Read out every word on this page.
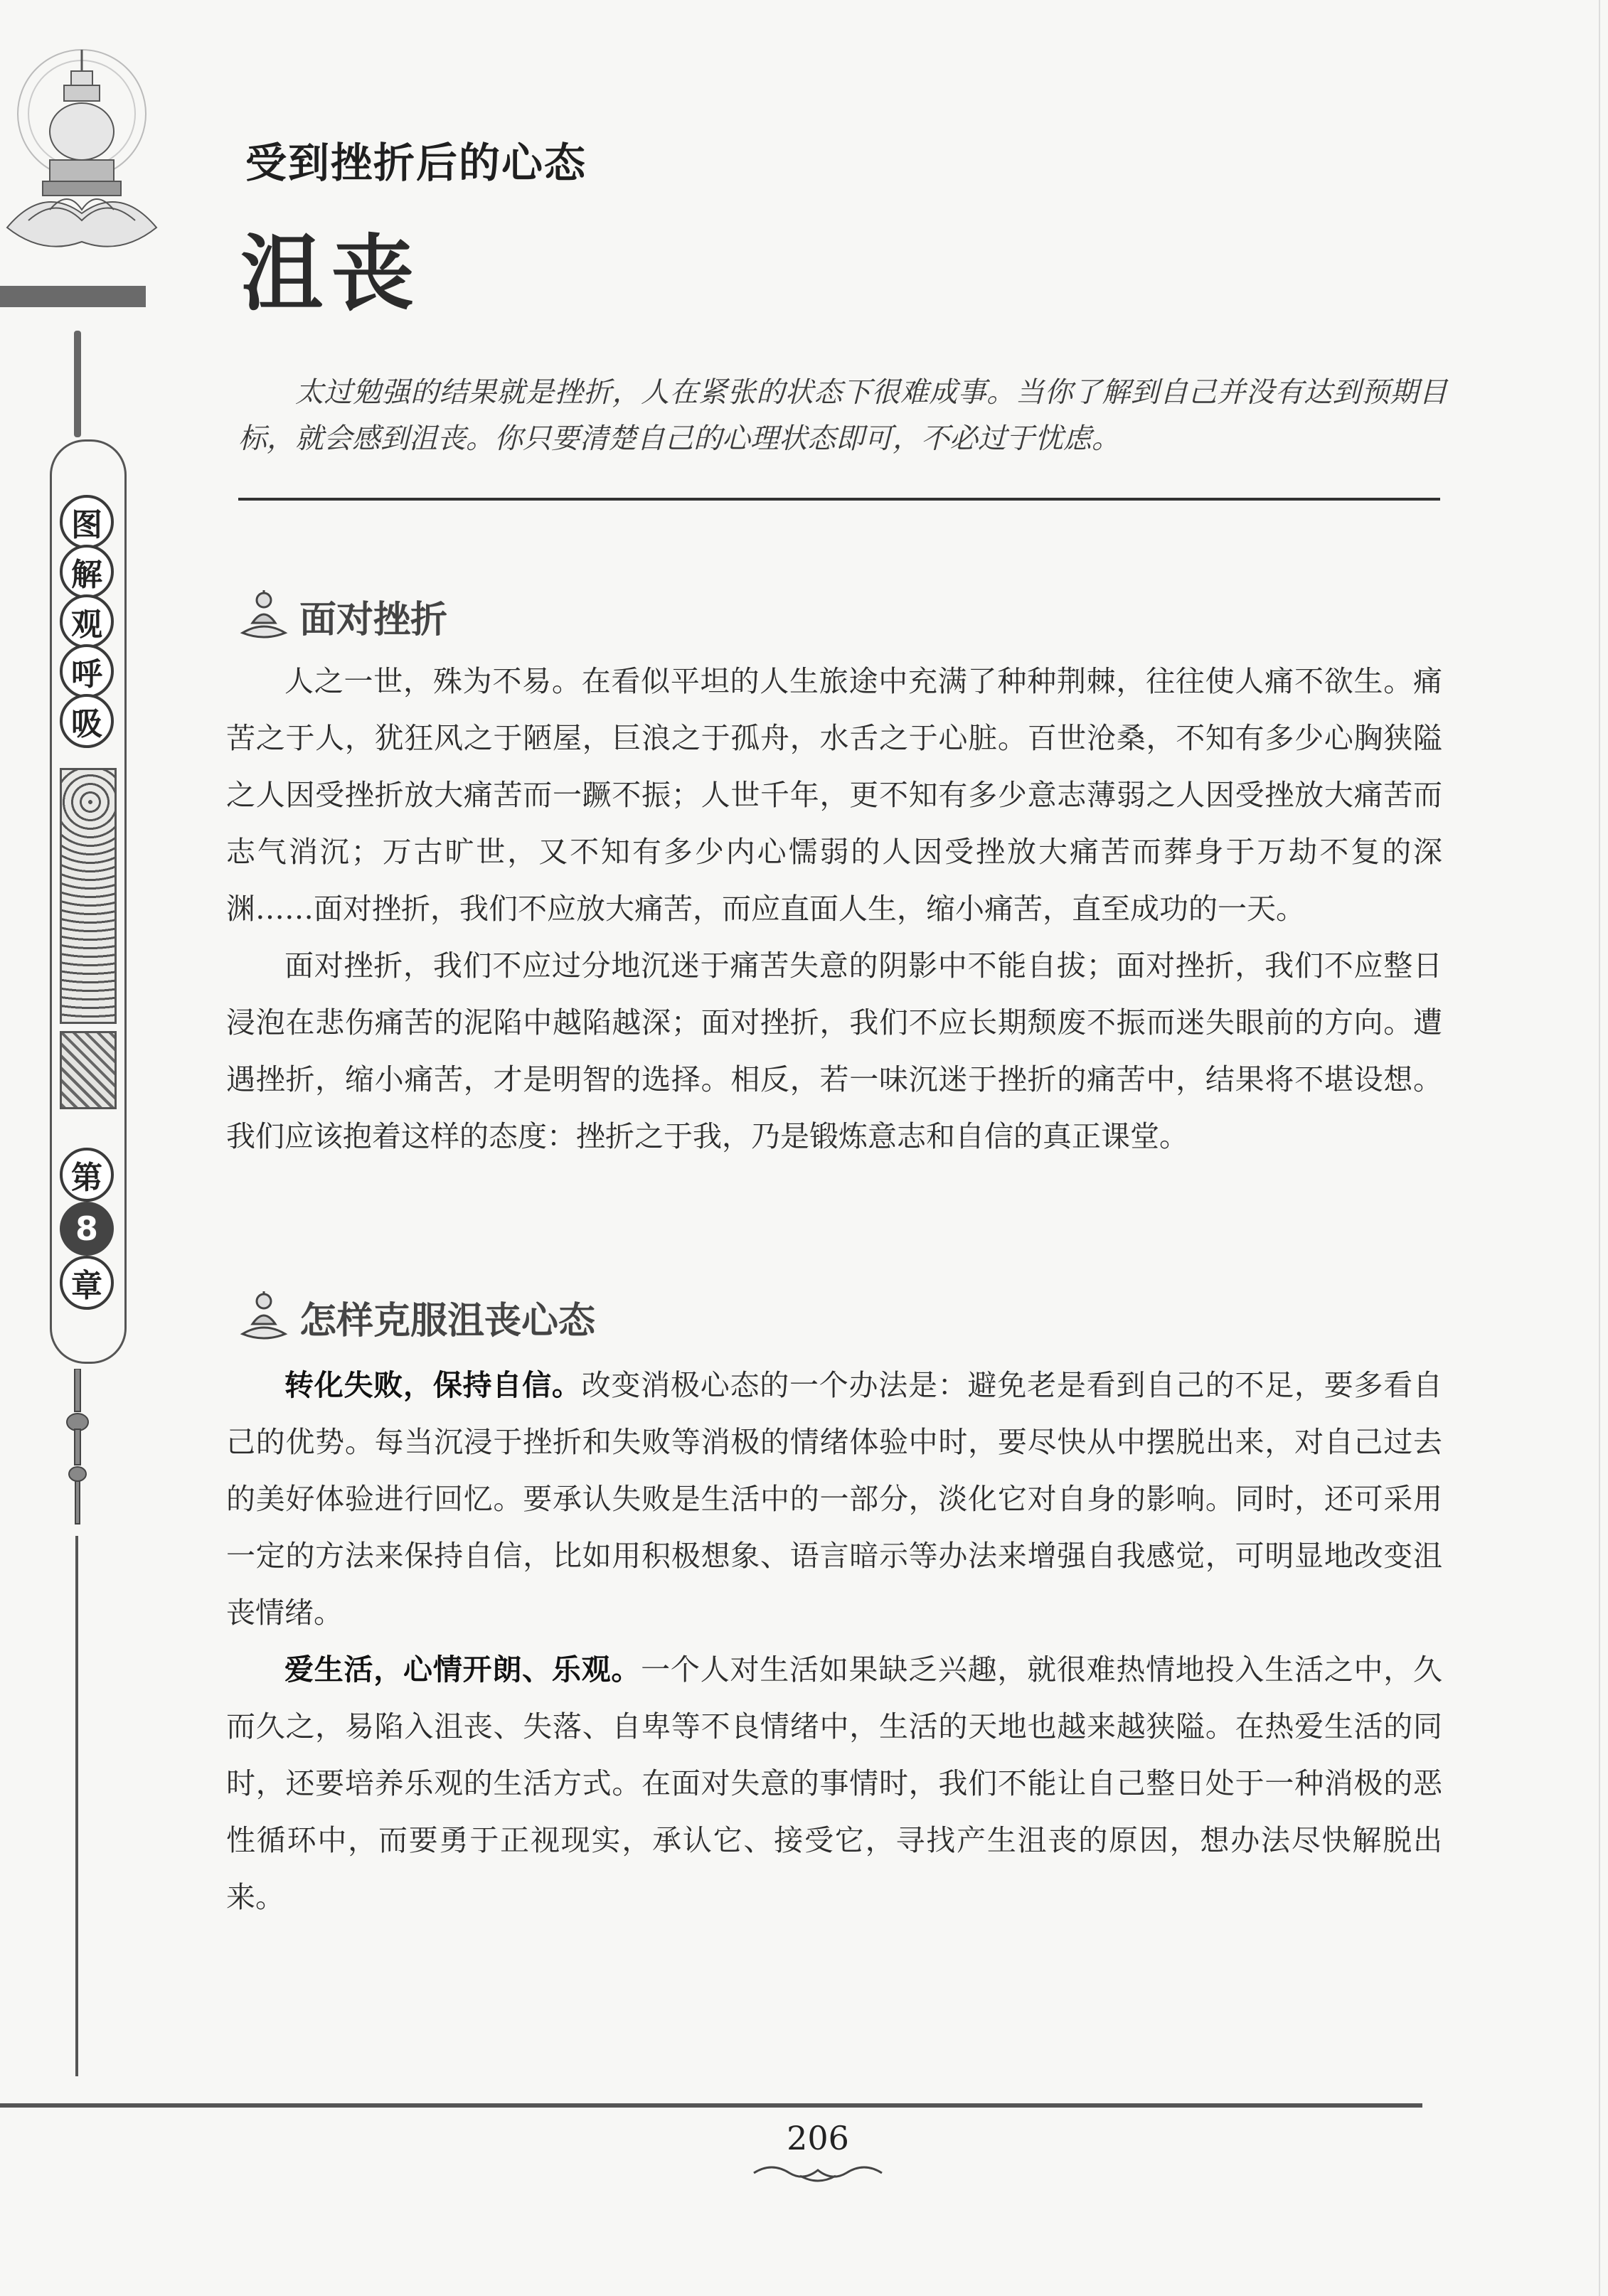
图
解
观
呼
吸
第
8
章
受到挫折后的心态
沮丧

太过勉强的结果就是挫折，人在紧张的状态下很难成事。当你了解到自己并没有达到预期目标，就会感到沮丧。你只要清楚自己的心理状态即可，不必过于忧虑。

面对挫折

人之一世，殊为不易。在看似平坦的人生旅途中充满了种种荆棘，往往使人痛不欲生。痛苦之于人，犹狂风之于陋屋，巨浪之于孤舟，水舌之于心脏。百世沧桑，不知有多少心胸狭隘之人因受挫折放大痛苦而一蹶不振；人世千年，更不知有多少意志薄弱之人因受挫放大痛苦而志气消沉；万古旷世，又不知有多少内心懦弱的人因受挫放大痛苦而葬身于万劫不复的深渊……面对挫折，我们不应放大痛苦，而应直面人生，缩小痛苦，直至成功的一天。

面对挫折，我们不应过分地沉迷于痛苦失意的阴影中不能自拔；面对挫折，我们不应整日浸泡在悲伤痛苦的泥陷中越陷越深；面对挫折，我们不应长期颓废不振而迷失眼前的方向。遭遇挫折，缩小痛苦，才是明智的选择。相反，若一味沉迷于挫折的痛苦中，结果将不堪设想。我们应该抱着这样的态度：挫折之于我，乃是锻炼意志和自信的真正课堂。

怎样克服沮丧心态

转化失败，保持自信。改变消极心态的一个办法是：避免老是看到自己的不足，要多看自己的优势。每当沉浸于挫折和失败等消极的情绪体验中时，要尽快从中摆脱出来，对自己过去的美好体验进行回忆。要承认失败是生活中的一部分，淡化它对自身的影响。同时，还可采用一定的方法来保持自信，比如用积极想象、语言暗示等办法来增强自我感觉，可明显地改变沮丧情绪。

爱生活，心情开朗、乐观。一个人对生活如果缺乏兴趣，就很难热情地投入生活之中，久而久之，易陷入沮丧、失落、自卑等不良情绪中，生活的天地也越来越狭隘。在热爱生活的同时，还要培养乐观的生活方式。在面对失意的事情时，我们不能让自己整日处于一种消极的恶性循环中，而要勇于正视现实，承认它、接受它，寻找产生沮丧的原因，想办法尽快解脱出来。

206
